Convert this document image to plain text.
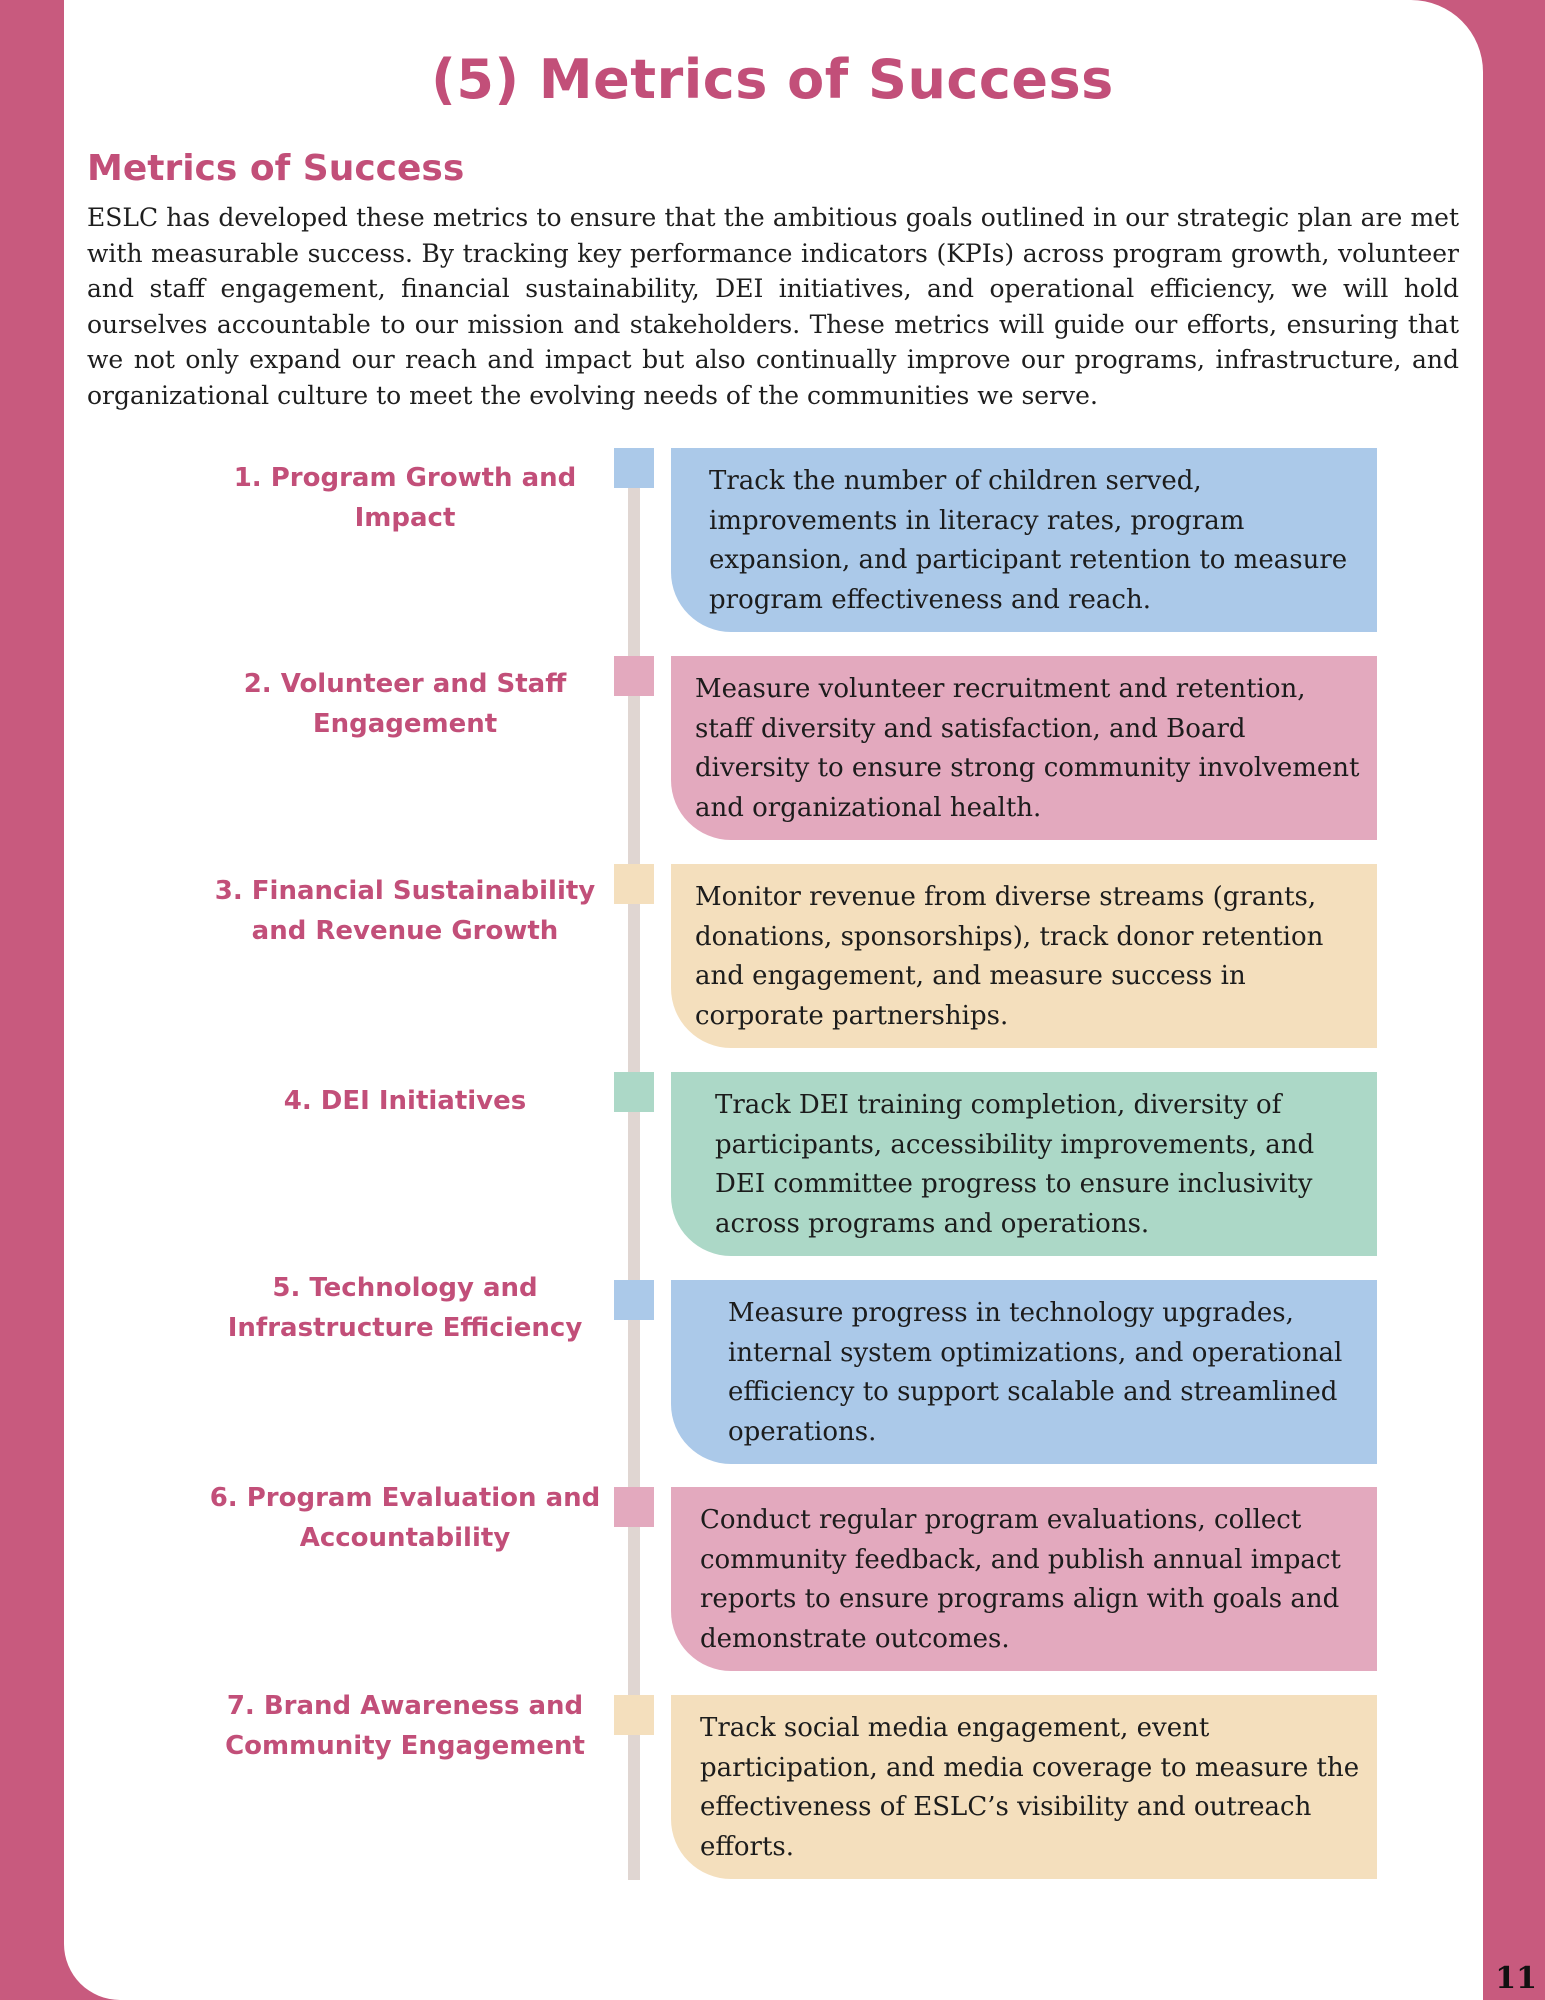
(5) Metrics of Success
Metrics of Success

ESLC has developed these metrics to ensure that the ambitious goals outlined in our strategic plan are met with measurable success. By tracking key performance indicators (KPIs) across program growth, volunteer and staff engagement, financial sustainability, DEI initiatives, and operational efficiency, we will hold ourselves accountable to our mission and stakeholders. These metrics will guide our efforts, ensuring that we not only expand our reach and impact but also continually improve our programs, infrastructure, and organizational culture to meet the evolving needs of the communities we serve.

1. Program Growth and Impact
Track the number of children served, improvements in literacy rates, program expansion, and participant retention to measure program effectiveness and reach.
2. Volunteer and Staff Engagement
Measure volunteer recruitment and retention, staff diversity and satisfaction, and Board diversity to ensure strong community involvement and organizational health.
3. Financial Sustainability and Revenue Growth
Monitor revenue from diverse streams (grants, donations, sponsorships), track donor retention and engagement, and measure success in corporate partnerships.
4. DEI Initiatives	Track DEI training completion, diversity of participants, accessibility improvements, and DEI committee progress to ensure inclusivity across programs and operations.
5. Technology and Infrastructure Efficiency	Measure progress in technology upgrades, internal system optimizations, and operational efficiency to support scalable and streamlined operations.
6. Program Evaluation and Accountability
Conduct regular program evaluations, collect community feedback, and publish annual impact reports to ensure programs align with goals and demonstrate outcomes.
7. Brand Awareness and Community Engagement
Track social media engagement, event participation, and media coverage to measure the effectiveness of ESLC’s visibility and outreach efforts.
11
